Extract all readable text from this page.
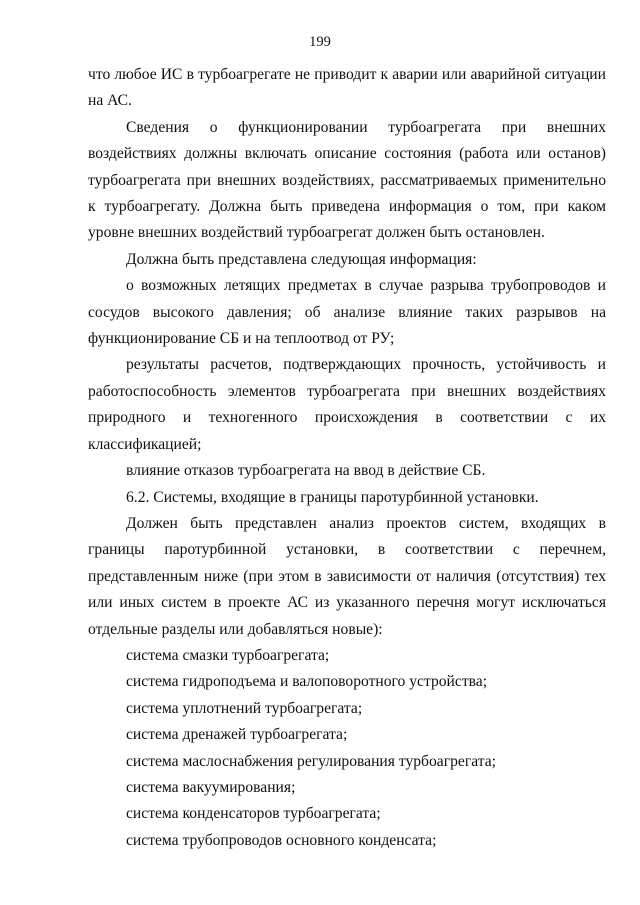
199

что любое ИС в турбоагрегате не приводит к аварии или аварийной ситуации на АС.

Сведения о функционировании турбоагрегата при внешних воздействиях должны включать описание состояния (работа или останов) турбоагрегата при внешних воздействиях, рассматриваемых применительно к турбоагрегату. Должна быть приведена информация о том, при каком уровне внешних воздействий турбоагрегат должен быть остановлен.

Должна быть представлена следующая информация:

о возможных летящих предметах в случае разрыва трубопроводов и сосудов высокого давления; об анализе влияние таких разрывов на функционирование СБ и на теплоотвод от РУ;

результаты расчетов, подтверждающих прочность, устойчивость и работоспособность элементов турбоагрегата при внешних воздействиях природного и техногенного происхождения в соответствии с их классификацией;

влияние отказов турбоагрегата на ввод в действие СБ.

6.2. Системы, входящие в границы паротурбинной установки.

Должен быть представлен анализ проектов систем, входящих в границы паротурбинной установки, в соответствии с перечнем, представленным ниже (при этом в зависимости от наличия (отсутствия) тех или иных систем в проекте АС из указанного перечня могут исключаться отдельные разделы или добавляться новые):

система смазки турбоагрегата;

система гидроподъема и валоповоротного устройства;

система уплотнений турбоагрегата;

система дренажей турбоагрегата;

система маслоснабжения регулирования турбоагрегата;

система вакуумирования;

система конденсаторов турбоагрегата;

система трубопроводов основного конденсата;
